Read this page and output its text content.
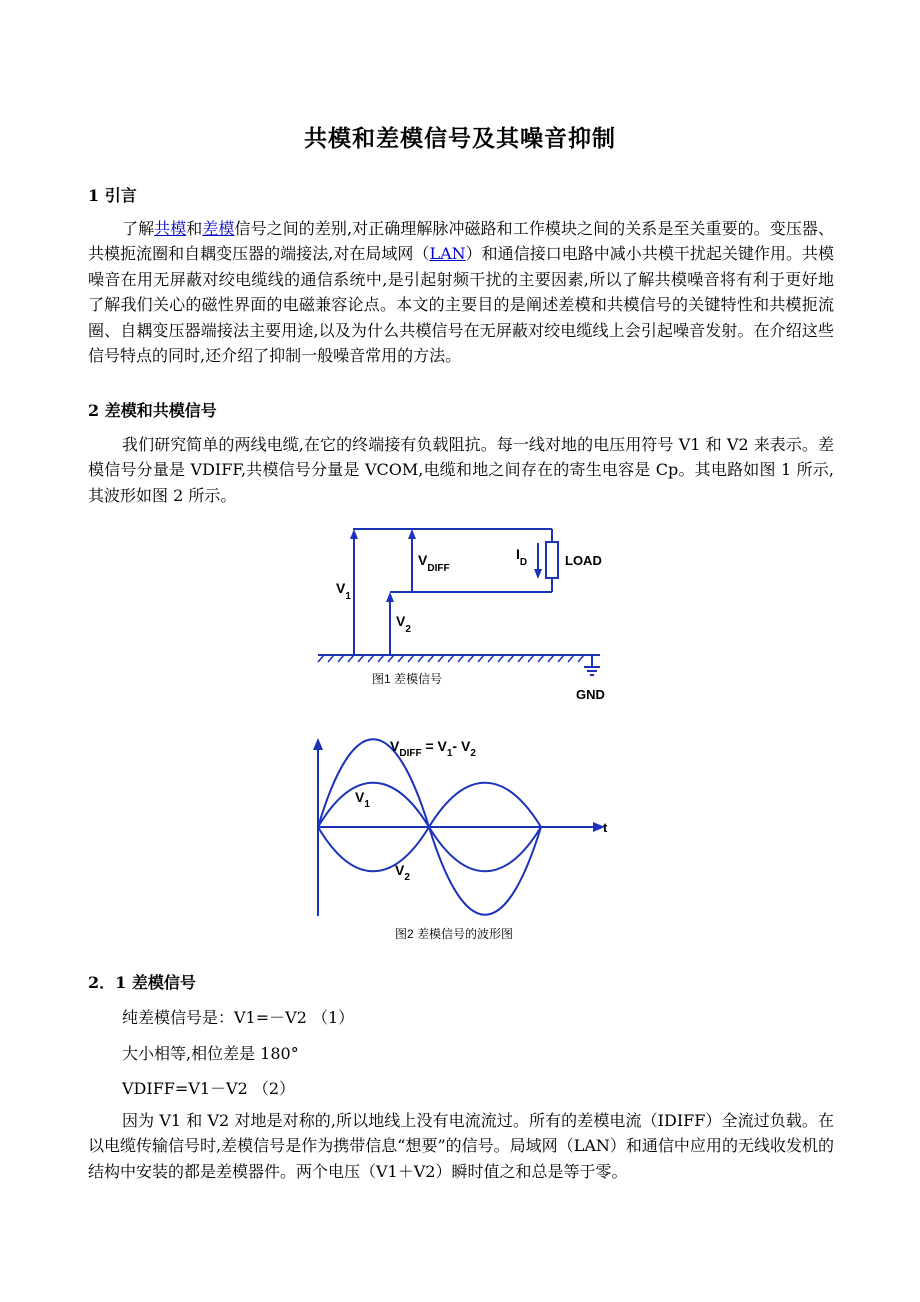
共模和差模信号及其噪音抑制
1 引言
了解共模和差模信号之间的差别,对正确理解脉冲磁路和工作模块之间的关系是至关重要的。变压器、共模扼流圈和自耦变压器的端接法,对在局域网（LAN）和通信接口电路中减小共模干扰起关键作用。共模噪音在用无屏蔽对绞电缆线的通信系统中,是引起射频干扰的主要因素,所以了解共模噪音将有利于更好地了解我们关心的磁性界面的电磁兼容论点。本文的主要目的是阐述差模和共模信号的关键特性和共模扼流圈、自耦变压器端接法主要用途,以及为什么共模信号在无屏蔽对绞电缆线上会引起噪音发射。在介绍这些信号特点的同时,还介绍了抑制一般噪音常用的方法。
2 差模和共模信号
我们研究简单的两线电缆,在它的终端接有负载阻抗。每一线对地的电压用符号 V1 和 V2 来表示。差模信号分量是 VDIFF,共模信号分量是 VCOM,电缆和地之间存在的寄生电容是 Cp。其电路如图 1 所示,其波形如图 2 所示。
$V_1$
$V_{DIFF}$
$V_2$
$I_D$	LOAD
GND
图1 差模信号
$V_{DIFF} = V_1-$ $V_2$
$V_1$
$V_2$
t
图2 差模信号的波形图
2．1 差模信号
纯差模信号是：V1=－V2 （1）
大小相等,相位差是 180°
VDIFF=V1－V2 （2）
因为 V1 和 V2 对地是对称的,所以地线上没有电流流过。所有的差模电流（IDIFF）全流过负载。在以电缆传输信号时,差模信号是作为携带信息“想要”的信号。局域网（LAN）和通信中应用的无线收发机的结构中安装的都是差模器件。两个电压（V1＋V2）瞬时值之和总是等于零。
